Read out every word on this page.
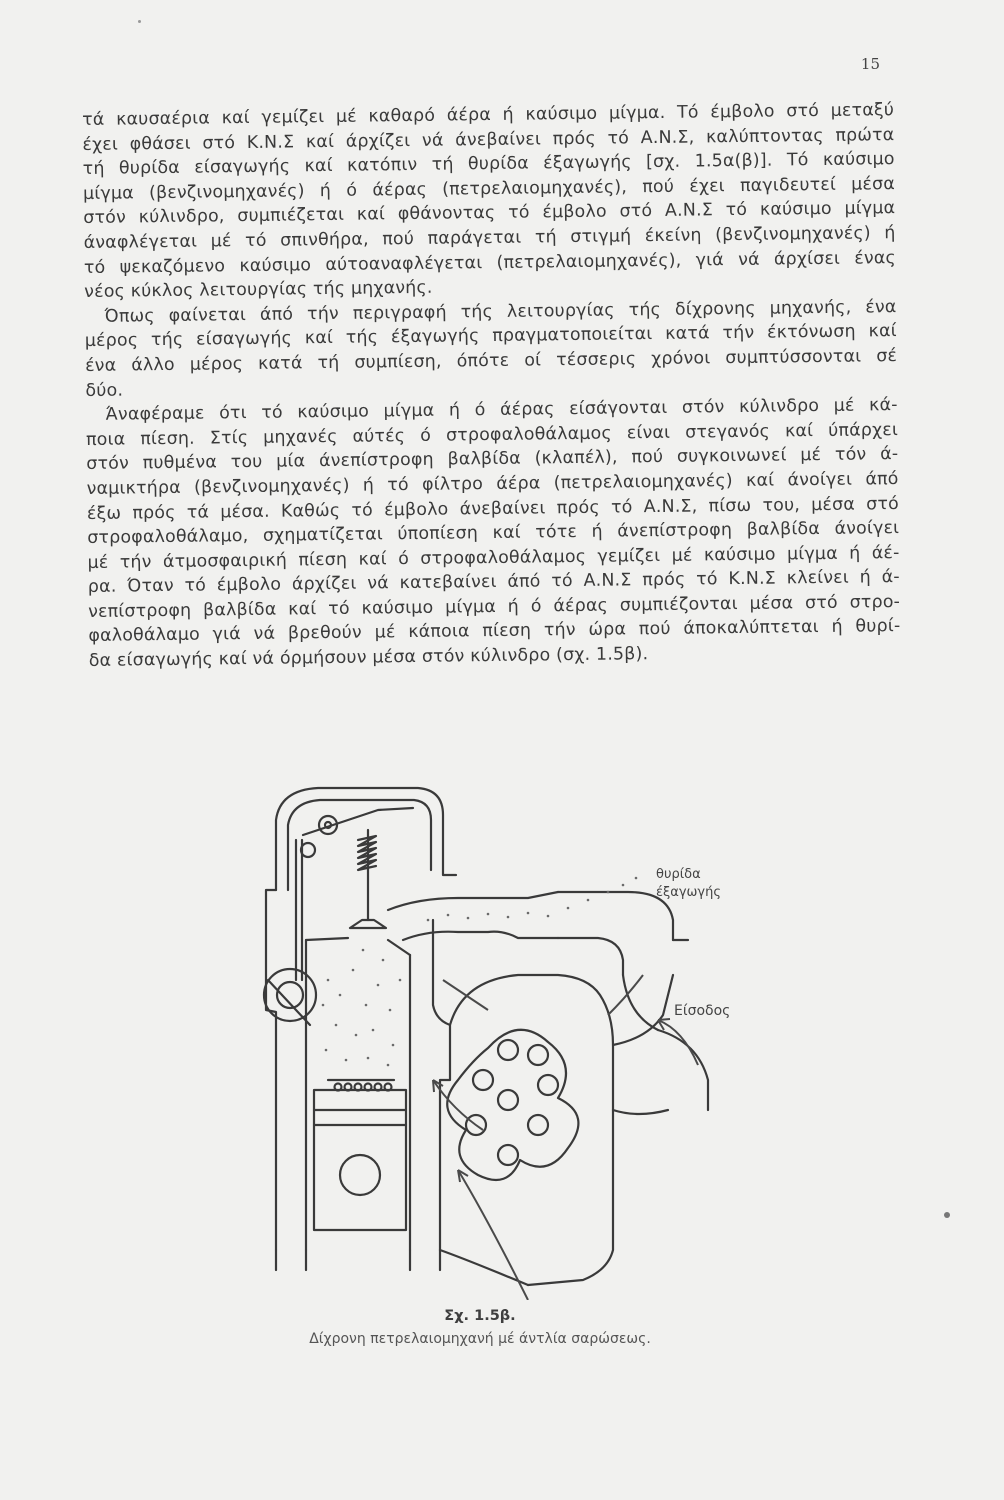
15
τά καυσαέρια καί γεμίζει μέ καθαρό άέρα ή καύσιμο μίγμα. Τό έμβολο στό μεταξύ
έχει φθάσει στό Κ.Ν.Σ καί άρχίζει νά άνεβαίνει πρός τό Α.Ν.Σ, καλύπτοντας πρώτα
τή θυρίδα είσαγωγής καί κατόπιν τή θυρίδα έξαγωγής [σχ. 1.5α(β)]. Τό καύσιμο
μίγμα (βενζινομηχανές) ή ό άέρας (πετρελαιομηχανές), πού έχει παγιδευτεί μέσα
στόν κύλινδρο, συμπιέζεται καί φθάνοντας τό έμβολο στό Α.Ν.Σ τό καύσιμο μίγμα
άναφλέγεται μέ τό σπινθήρα, πού παράγεται τή στιγμή έκείνη (βενζινομηχανές) ή
τό ψεκαζόμενο καύσιμο αύτοαναφλέγεται (πετρελαιομηχανές), γιά νά άρχίσει ένας
νέος κύκλος λειτουργίας τής μηχανής.
Όπως φαίνεται άπό τήν περιγραφή τής λειτουργίας τής δίχρονης μηχανής, ένα
μέρος τής είσαγωγής καί τής έξαγωγής πραγματοποιείται κατά τήν έκτόνωση καί
ένα άλλο μέρος κατά τή συμπίεση, όπότε οί τέσσερις χρόνοι συμπτύσσονται σέ
δύο.
Άναφέραμε ότι τό καύσιμο μίγμα ή ό άέρας είσάγονται στόν κύλινδρο μέ κά-
ποια πίεση. Στίς μηχανές αύτές ό στροφαλοθάλαμος είναι στεγανός καί ύπάρχει
στόν πυθμένα του μία άνεπίστροφη βαλβίδα (κλαπέλ), πού συγκοινωνεί μέ τόν ά-
ναμικτήρα (βενζινομηχανές) ή τό φίλτρο άέρα (πετρελαιομηχανές) καί άνοίγει άπό
έξω πρός τά μέσα. Καθώς τό έμβολο άνεβαίνει πρός τό Α.Ν.Σ, πίσω του, μέσα στό
στροφαλοθάλαμο, σχηματίζεται ύποπίεση καί τότε ή άνεπίστροφη βαλβίδα άνοίγει
μέ τήν άτμοσφαιρική πίεση καί ό στροφαλοθάλαμος γεμίζει μέ καύσιμο μίγμα ή άέ-
ρα. Όταν τό έμβολο άρχίζει νά κατεβαίνει άπό τό Α.Ν.Σ πρός τό Κ.Ν.Σ κλείνει ή ά-
νεπίστροφη βαλβίδα καί τό καύσιμο μίγμα ή ό άέρας συμπιέζονται μέσα στό στρο-
φαλοθάλαμο γιά νά βρεθούν μέ κάποια πίεση τήν ώρα πού άποκαλύπτεται ή θυρί-
δα είσαγωγής καί νά όρμήσουν μέσα στόν κύλινδρο (σχ. 1.5β).
θυρίδα
έξαγωγής
Είσοδος
Σχ. 1.5β.
Δίχρονη πετρελαιομηχανή μέ άντλία σαρώσεως.
